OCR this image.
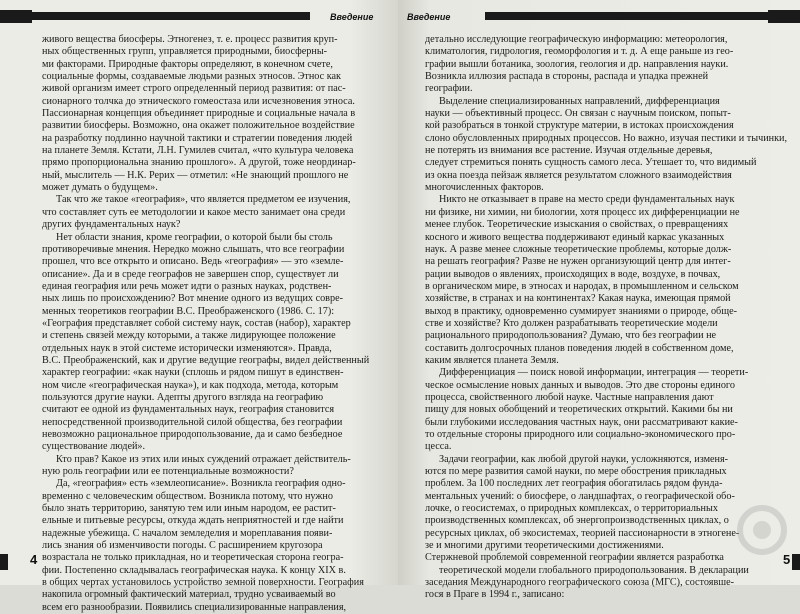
Введение
живого вещества биосферы. Этногенез, т. е. процесс развития круп-
ных общественных групп, управляется природными, биосферны-
ми факторами. Природные факторы определяют, в конечном счете,
социальные формы, создаваемые людьми разных этносов. Этнос как
живой организм имеет строго определенный период развития: от пас-
сионарного толчка до этнического гомеостаза или исчезновения этноса.
Пассионарная концепция объединяет природные и социальные начала в
развитии биосферы. Возможно, она окажет положительное воздействие
на разработку подлинно научной тактики и стратегии поведения людей
на планете Земля. Кстати, Л.Н. Гумилев считал, «что культура человека
прямо пропорциональна знанию прошлого». А другой, тоже неординар-
ный, мыслитель — Н.К. Рерих — отметил: «Не знающий прошлого не
может думать о будущем».
Так что же такое «география», что является предметом ее изучения,
что составляет суть ее методологии и какое место занимает она среди
других фундаментальных наук?
Нет области знания, кроме географии, о которой были бы столь
противоречивые мнения. Нередко можно слышать, что все географии
прошел, что все открыто и описано. Ведь «география» — это «земле-
описание». Да и в среде географов не завершен спор, существует ли
единая география или речь может идти о разных науках, родствен-
ных лишь по происхождению? Вот мнение одного из ведущих совре-
менных теоретиков географии В.С. Преображенского (1986. С. 17):
«География представляет собой систему наук, состав (набор), характер
и степень связей между которыми, а также лидирующее положение
отдельных наук в этой системе исторически изменяются». Правда,
В.С. Преображенский, как и другие ведущие географы, видел действенный
характер географии: «как науки (сплошь и рядом пишут в единствен-
ном числе «географическая наука»), и как подхода, метода, которым
пользуются другие науки. Адепты другого взгляда на географию
считают ее одной из фундаментальных наук, география становится
непосредственной производительной силой общества, без географии
невозможно рациональное природопользование, да и само безбедное
существование людей».
Кто прав? Какое из этих или иных суждений отражает действитель-
ную роль географии или ее потенциальные возможности?
Да, «география» есть «землеописание». Возникла география одно-
временно с человеческим обществом. Возникла потому, что нужно
было знать территорию, занятую тем или иным народом, ее растит-
ельные и питьевые ресурсы, откуда ждать неприятностей и где найти
надежные убежища. С началом земледелия и мореплавания появи-
лись знания об изменчивости погоды. С расширением кругозора
возрастала не только прикладная, но и теоретическая сторона геогра-
фии. Постепенно складывалась географическая наука. К концу XIX в.
в общих чертах установилось устройство земной поверхности. География
накопила огромный фактический материал, трудно усваиваемый во
всем его разнообразии. Появились специализированные направления,
4
Введение
детально исследующие географическую информацию: метеорология,
климатология, гидрология, геоморфология и т. д. А еще раньше из гео-
графии вышли ботаника, зоология, геология и др. направления науки.
Возникла иллюзия распада в стороны, распада и упадка прежней
географии.
Выделение специализированных направлений, дифференциация
науки — объективный процесс. Он связан с научным поиском, попыт-
кой разобраться в тонкой структуре материи, в истоках происхождения
слоно обусловленных природных процессов. Но важно, изучая пестики и тычинки,
не потерять из внимания все растение. Изучая отдельные деревья,
следует стремиться понять сущность самого леса. Утешает то, что видимый
из окна поезда пейзаж является результатом сложного взаимодействия
многочисленных факторов.
Никто не отказывает в праве на место среди фундаментальных наук
ни физике, ни химии, ни биологии, хотя процесс их дифференциации не
менее глубок. Теоретические изыскания о свойствах, о превращениях
косного и живого вещества поддерживают единый каркас указанных
наук. А разве менее сложные теоретические проблемы, которые долж-
на решать география? Разве не нужен организующий центр для интег-
рации выводов о явлениях, происходящих в воде, воздухе, в почвах,
в органическом мире, в этносах и народах, в промышленном и сельском
хозяйстве, в странах и на континентах? Какая наука, имеющая прямой
выход в практику, одновременно суммирует знаниями о природе, обще-
стве и хозяйстве? Кто должен разрабатывать теоретические модели
рационального природопользования? Думаю, что без географии не
составить долгосрочных планов поведения людей в собственном доме,
каким является планета Земля.
Дифференциация — поиск новой информации, интеграция — теорети-
ческое осмысление новых данных и выводов. Это две стороны единого
процесса, свойственного любой науке. Частные направления дают
пищу для новых обобщений и теоретических открытий. Какими бы ни
были глубокими исследования частных наук, они рассматривают какие-
то отдельные стороны природного или социально-экономического про-
цесса.
Задачи географии, как любой другой науки, усложняются, изменя-
ются по мере развития самой науки, по мере обострения прикладных
проблем. За 100 последних лет география обогатилась рядом фунда-
ментальных учений: о биосфере, о ландшафтах, о географической обо-
лочке, о геосистемах, о природных комплексах, о территориальных
производственных комплексах, об энергопроизводственных циклах, о
ресурсных циклах, об экосистемах, теорией пассионарности в этногене-
зе и многими другими теоретическими достижениями.
Стержневой проблемой современной географии является разработка
теоретической модели глобального природопользования. В декларации
заседания Международного географического союза (МГС), состоявше-
гося в Праге в 1994 г., записано:
5
